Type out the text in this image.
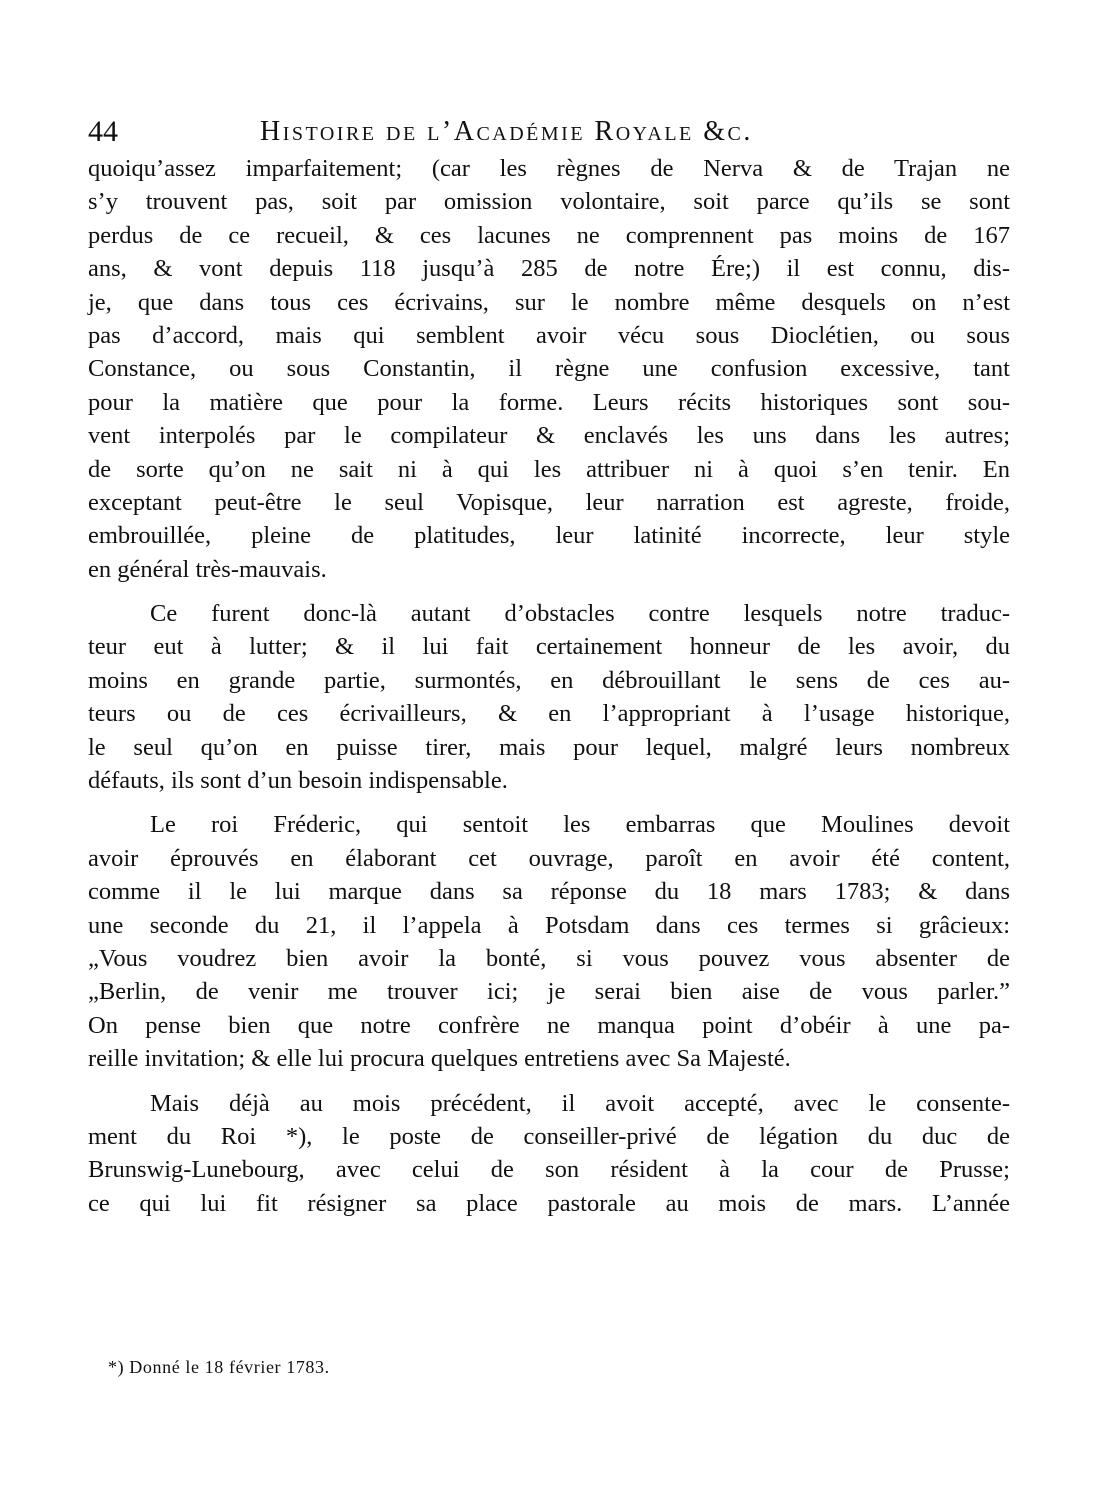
44	Histoire de l’Académie Royale &c.
quoiqu’assez imparfaitement; (car les règnes de Nerva & de Trajan ne
s’y trouvent pas, soit par omission volontaire, soit parce qu’ils se sont
perdus de ce recueil, & ces lacunes ne comprennent pas moins de 167
ans, & vont depuis 118 jusqu’à 285 de notre Ére;) il est connu, dis-
je, que dans tous ces écrivains, sur le nombre même desquels on n’est
pas d’accord, mais qui semblent avoir vécu sous Dioclétien, ou sous
Constance, ou sous Constantin, il règne une confusion excessive, tant
pour la matière que pour la forme. Leurs récits historiques sont sou-
vent interpolés par le compilateur & enclavés les uns dans les autres;
de sorte qu’on ne sait ni à qui les attribuer ni à quoi s’en tenir. En
exceptant peut-être le seul Vopisque, leur narration est agreste, froide,
embrouillée, pleine de platitudes, leur latinité incorrecte, leur style
en général très-mauvais.
Ce furent donc-là autant d’obstacles contre lesquels notre traduc-
teur eut à lutter; & il lui fait certainement honneur de les avoir, du
moins en grande partie, surmontés, en débrouillant le sens de ces au-
teurs ou de ces écrivailleurs, & en l’appropriant à l’usage historique,
le seul qu’on en puisse tirer, mais pour lequel, malgré leurs nombreux
défauts, ils sont d’un besoin indispensable.
Le roi Fréderic, qui sentoit les embarras que Moulines devoit
avoir éprouvés en élaborant cet ouvrage, paroît en avoir été content,
comme il le lui marque dans sa réponse du 18 mars 1783; & dans
une seconde du 21, il l’appela à Potsdam dans ces termes si grâcieux:
„Vous voudrez bien avoir la bonté, si vous pouvez vous absenter de
„Berlin, de venir me trouver ici; je serai bien aise de vous parler.”
On pense bien que notre confrère ne manqua point d’obéir à une pa-
reille invitation; & elle lui procura quelques entretiens avec Sa Majesté.
Mais déjà au mois précédent, il avoit accepté, avec le consente-
ment du Roi *), le poste de conseiller-privé de légation du duc de
Brunswig-Lunebourg, avec celui de son résident à la cour de Prusse;
ce qui lui fit résigner sa place pastorale au mois de mars. L’année
*) Donné le 18 février 1783.
